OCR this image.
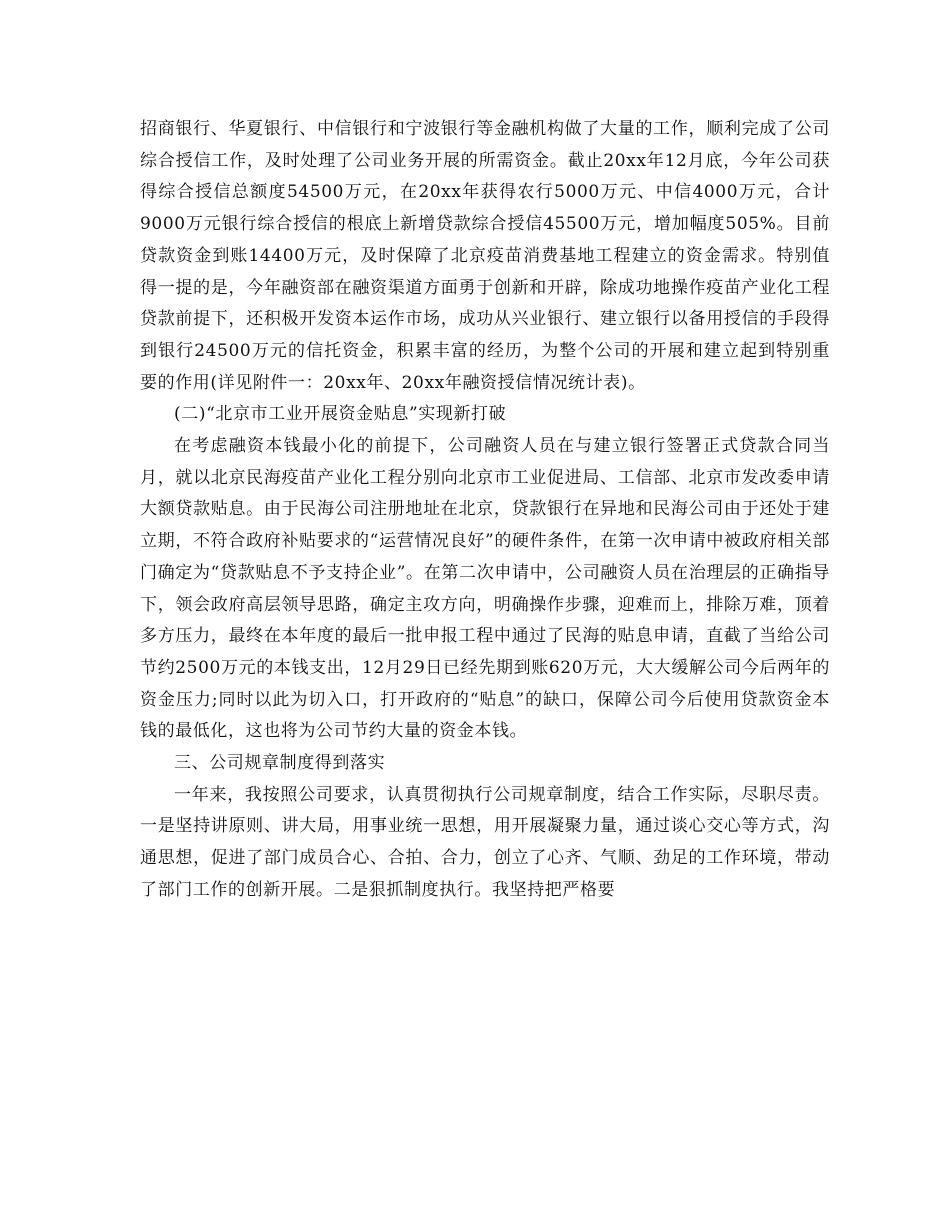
招商银行、华夏银行、中信银行和宁波银行等金融机构做了大量的工作，顺利完成了公司综合授信工作，及时处理了公司业务开展的所需资金。截止20xx年12月底，今年公司获得综合授信总额度54500万元，在20xx年获得农行5000万元、中信4000万元，合计9000万元银行综合授信的根底上新增贷款综合授信45500万元，增加幅度505%。目前贷款资金到账14400万元，及时保障了北京疫苗消费基地工程建立的资金需求。特别值得一提的是，今年融资部在融资渠道方面勇于创新和开辟，除成功地操作疫苗产业化工程贷款前提下，还积极开发资本运作市场，成功从兴业银行、建立银行以备用授信的手段得到银行24500万元的信托资金，积累丰富的经历，为整个公司的开展和建立起到特别重要的作用(详见附件一：20xx年、20xx年融资授信情况统计表)。

(二)“北京市工业开展资金贴息”实现新打破

在考虑融资本钱最小化的前提下，公司融资人员在与建立银行签署正式贷款合同当月，就以北京民海疫苗产业化工程分别向北京市工业促进局、工信部、北京市发改委申请大额贷款贴息。由于民海公司注册地址在北京，贷款银行在异地和民海公司由于还处于建立期，不符合政府补贴要求的“运营情况良好”的硬件条件，在第一次申请中被政府相关部门确定为“贷款贴息不予支持企业”。在第二次申请中，公司融资人员在治理层的正确指导下，领会政府高层领导思路，确定主攻方向，明确操作步骤，迎难而上，排除万难，顶着多方压力，最终在本年度的最后一批申报工程中通过了民海的贴息申请，直截了当给公司节约2500万元的本钱支出，12月29日已经先期到账620万元，大大缓解公司今后两年的资金压力;同时以此为切入口，打开政府的“贴息”的缺口，保障公司今后使用贷款资金本钱的最低化，这也将为公司节约大量的资金本钱。

三、公司规章制度得到落实

一年来，我按照公司要求，认真贯彻执行公司规章制度，结合工作实际，尽职尽责。一是坚持讲原则、讲大局，用事业统一思想，用开展凝聚力量，通过谈心交心等方式，沟通思想，促进了部门成员合心、合拍、合力，创立了心齐、气顺、劲足的工作环境，带动了部门工作的创新开展。二是狠抓制度执行。我坚持把严格要
